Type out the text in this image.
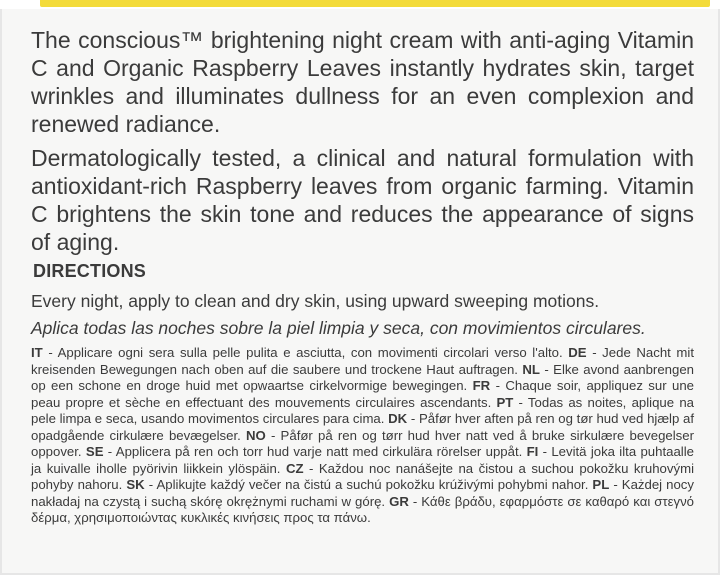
The conscious™ brightening night cream with anti-aging Vitamin C and Organic Raspberry Leaves instantly hydrates skin, target wrinkles and illuminates dullness for an even complexion and renewed radiance.

Dermatologically tested, a clinical and natural formulation with antioxidant-rich Raspberry leaves from organic farming. Vitamin C brightens the skin tone and reduces the appearance of signs of aging.

DIRECTIONS
Every night, apply to clean and dry skin, using upward sweeping motions.
Aplica todas las noches sobre la piel limpia y seca, con movimientos circulares.

IT - Applicare ogni sera sulla pelle pulita e asciutta, con movimenti circolari verso l'alto. DE - Jede Nacht mit kreisenden Bewegungen nach oben auf die saubere und trockene Haut auftragen. NL - Elke avond aanbrengen op een schone en droge huid met opwaartse cirkelvormige bewegingen. FR - Chaque soir, appliquez sur une peau propre et sèche en effectuant des mouvements circulaires ascendants. PT - Todas as noites, aplique na pele limpa e seca, usando movimentos circulares para cima. DK - Påfør hver aften på ren og tør hud ved hjælp af opadgående cirkulære bevægelser. NO - Påfør på ren og tørr hud hver natt ved å bruke sirkulære bevegelser oppover. SE - Applicera på ren och torr hud varje natt med cirkulära rörelser uppåt. FI - Levitä joka ilta puhtaalle ja kuivalle iholle pyörivin liikkein ylöspäin. CZ - Každou noc nanášejte na čistou a suchou pokožku kruhovými pohyby nahoru. SK - Aplikujte každý večer na čistú a suchú pokožku krúživými pohybmi nahor. PL - Każdej nocy nakładaj na czystą i suchą skórę okrężnymi ruchami w górę. GR - Κάθε βράδυ, εφαρμόστε σε καθαρό και στεγνό δέρμα, χρησιμοποιώντας κυκλικές κινήσεις προς τα πάνω.
